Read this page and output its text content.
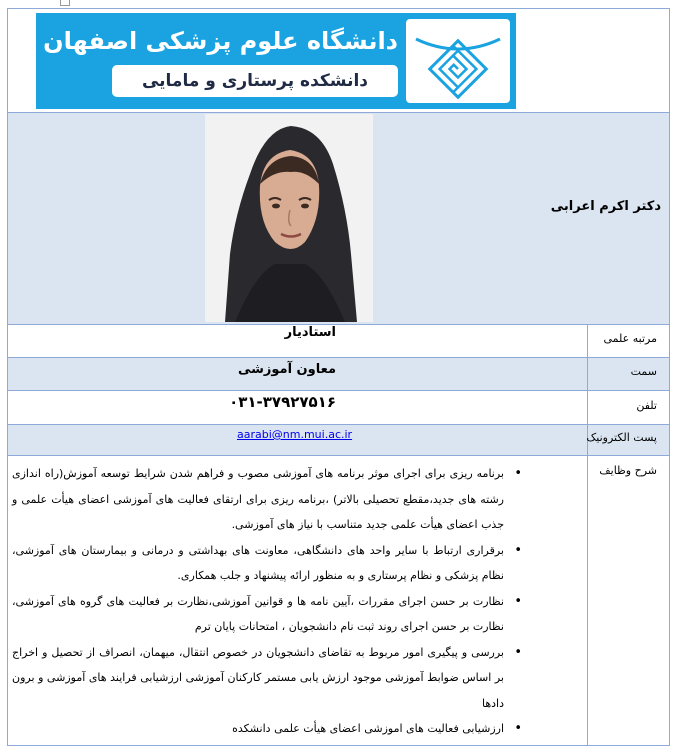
دانشگاه علوم پزشکی اصفهان
دانشکده پرستاری و مامایی
دکتر اکرم اعرابی
مرتبه علمی
استادیار
سمت
معاون آموزشی
تلفن
۰۳۱-۳۷۹۲۷۵۱۶
پست الکترونیک
aarabi@nm.mui.ac.ir
شرح وظایف
• برنامه ریزی برای اجرای موثر برنامه های آموزشی مصوب و فراهم شدن شرایط توسعه آموزش(راه اندازی رشته های جدید،مقطع تحصیلی بالاتر) ،برنامه ریزی برای ارتقای فعالیت های آموزشی اعضای هیأت علمی و جذب اعضای هیأت علمی جدید متناسب با نیاز های آموزشی.
• برقراری ارتباط با سایر واحد های دانشگاهی، معاونت های بهداشتی و درمانی و بیمارستان های آموزشی، نظام پزشکی و نظام پرستاری و به منظور ارائه پیشنهاد و جلب همکاری.
• نظارت بر حسن اجرای مقررات ،آیین نامه ها و قوانین آموزشی،نظارت بر فعالیت های گروه های آموزشی، نظارت بر حسن اجرای روند ثبت نام دانشجویان ، امتحانات پایان ترم
• بررسی و پیگیری امور مربوط به تقاضای دانشجویان در خصوص انتقال، میهمان، انصراف از تحصیل و اخراج بر اساس ضوابط آموزشی موجود ارزش یابی مستمر کارکنان آموزشی ارزشیابی فرایند های آموزشی و برون دادها
• ارزشیابی فعالیت های اموزشی اعضای هیأت علمی دانشکده
